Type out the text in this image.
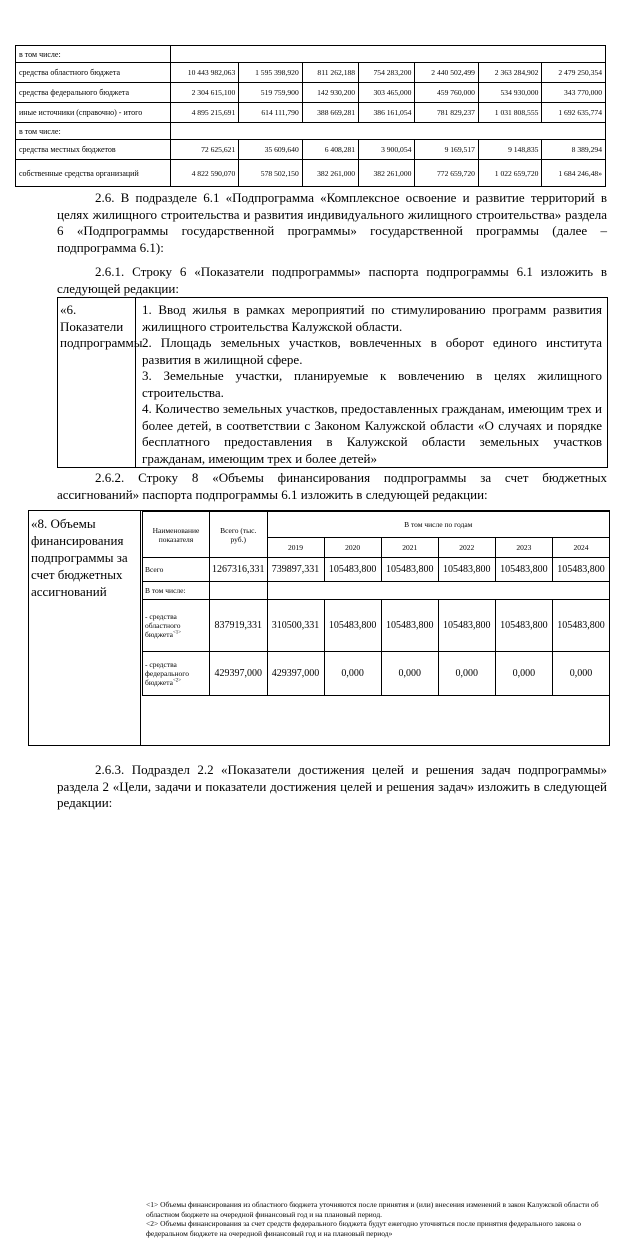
в том числе:							
средства областного бюджета	10 443 982,063	1 595 398,920	811 262,188	754 283,200	2 440 502,499	2 363 284,902	2 479 250,354
средства федерального бюджета	2 304 615,100	519 759,900	142 930,200	303 465,000	459 760,000	534 930,000	343 770,000
иные источники (справочно) - итого	4 895 215,691	614 111,790	388 669,281	386 161,054	781 829,237	1 031 808,555	1 692 635,774
в том числе:							
средства местных бюджетов	72 625,621	35 609,640	6 408,281	3 900,054	9 169,517	9 148,835	8 389,294
собственные средства организаций	4 822 590,070	578 502,150	382 261,000	382 261,000	772 659,720	1 022 659,720	1 684 246,48»
2.6. В подразделе 6.1 «Подпрограмма «Комплексное освоение и развитие территорий в целях жилищного строительства и развития индивидуального жилищного строительства» раздела 6 «Подпрограммы государственной программы» государственной программы (далее – подпрограмма 6.1):
2.6.1. Строку 6 «Показатели подпрограммы» паспорта подпрограммы 6.1 изложить в следующей редакции:
«6. Показатели подпрограммы

1. Ввод жилья в рамках мероприятий по стимулированию программ развития жилищного строительства Калужской области.

2. Площадь земельных участков, вовлеченных в оборот единого института развития в жилищной сфере.

3. Земельные участки, планируемые к вовлечению в целях жилищного строительства.

4. Количество земельных участков, предоставленных гражданам, имеющим трех и более детей, в соответствии с Законом Калужской области «О случаях и порядке бесплатного предоставления в Калужской области земельных участков гражданам, имеющим трех и более детей»

2.6.2. Строку 8 «Объемы финансирования подпрограммы за счет бюджетных ассигнований» паспорта подпрограммы 6.1 изложить в следующей редакции:
«8. Объемы финансирования подпрограммы за счет бюджетных ассигнований
Наименование показателя	Всего (тыс. руб.)	В том числе по годам					
		2019	2020	2021	2022	2023	2024
Всего	1267316,331	739897,331	105483,800	105483,800	105483,800	105483,800	105483,800
В том числе:							
- средства областного бюджета$^{<1>}$	837919,331	310500,331	105483,800	105483,800	105483,800	105483,800	105483,800
- средства федерального бюджета$^{<2>}$	429397,000	429397,000	0,000	0,000	0,000	0,000	0,000

<1> Объемы финансирования из областного бюджета уточняются после принятия и (или) внесения изменений в закон Калужской области об областном бюджете на очередной финансовый год и на плановый период.

<2> Объемы финансирования за счет средств федерального бюджета будут ежегодно уточняться после принятия федерального закона о федеральном бюджете на очередной финансовый год и на плановый период»

2.6.3. Подраздел 2.2 «Показатели достижения целей и решения задач подпрограммы» раздела 2 «Цели, задачи и показатели достижения целей и решения задач» изложить в следующей редакции:
